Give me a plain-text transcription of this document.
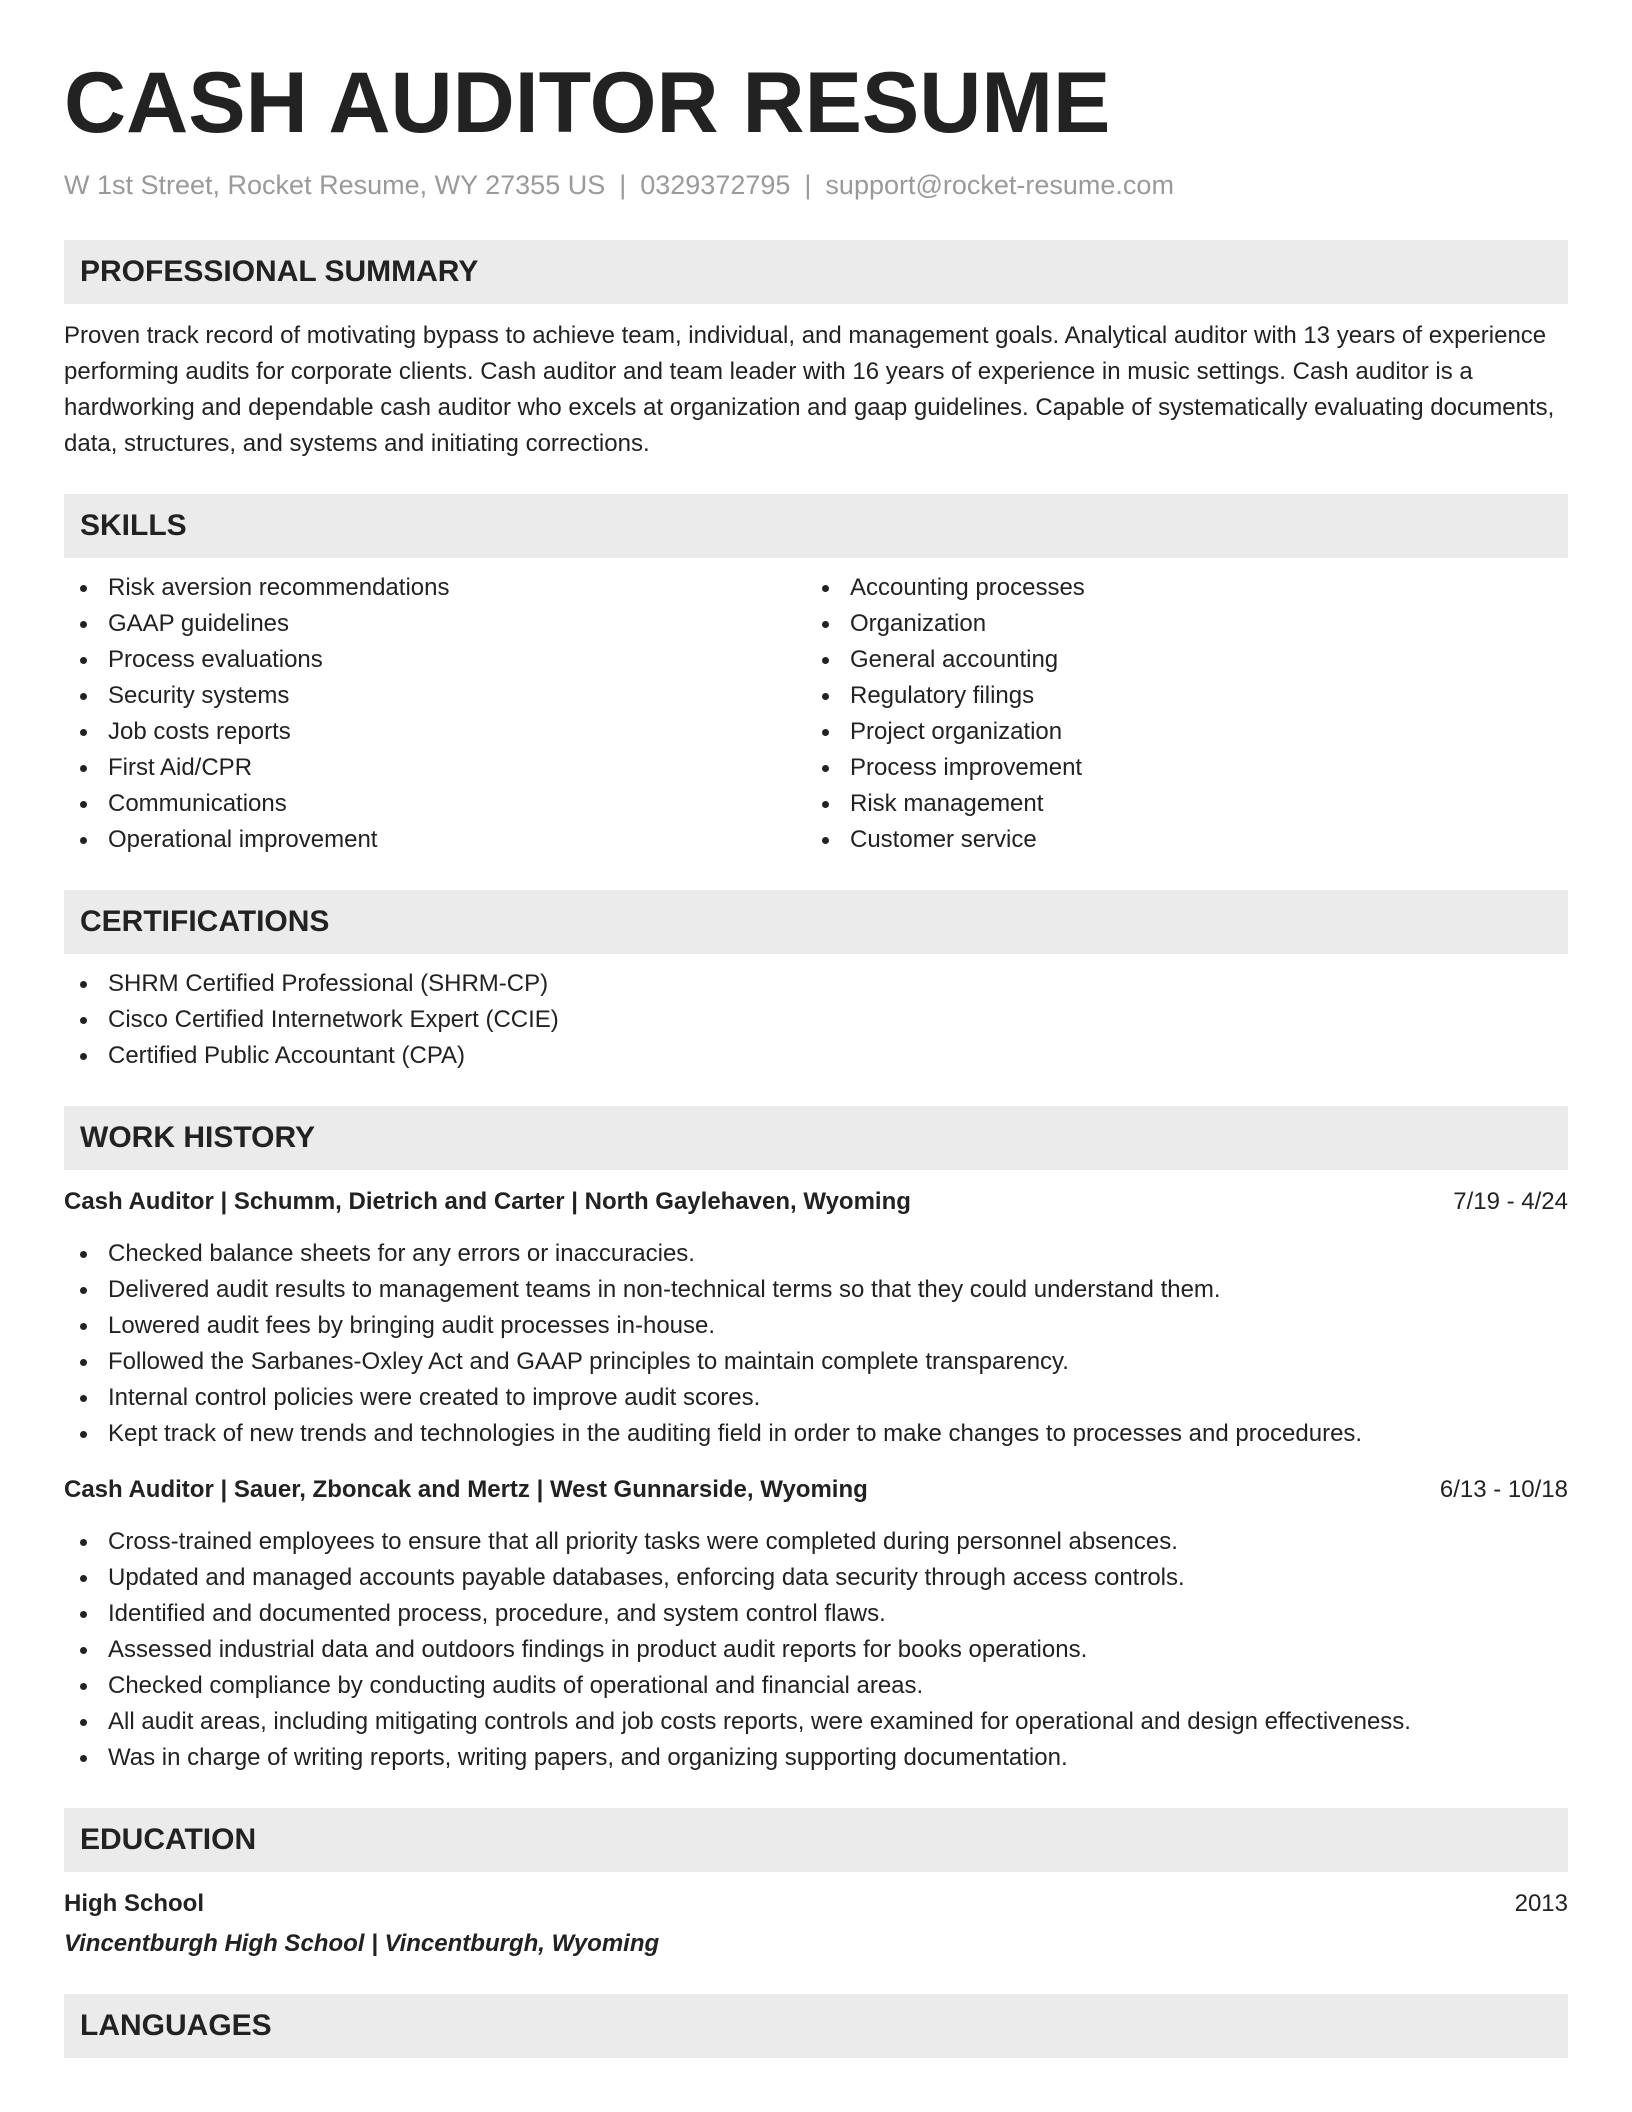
CASH AUDITOR RESUME
W 1st Street, Rocket Resume, WY 27355 US | 0329372795 | support@rocket-resume.com
PROFESSIONAL SUMMARY

Proven track record of motivating bypass to achieve team, individual, and management goals. Analytical auditor with 13 years of experience performing audits for corporate clients. Cash auditor and team leader with 16 years of experience in music settings. Cash auditor is a hardworking and dependable cash auditor who excels at organization and gaap guidelines. Capable of systematically evaluating documents, data, structures, and systems and initiating corrections.

SKILLS
Risk aversion recommendations
GAAP guidelines
Process evaluations
Security systems
Job costs reports
First Aid/CPR
Communications
Operational improvement
Accounting processes
Organization
General accounting
Regulatory filings
Project organization
Process improvement
Risk management
Customer service
CERTIFICATIONS
SHRM Certified Professional (SHRM-CP)
Cisco Certified Internetwork Expert (CCIE)
Certified Public Accountant (CPA)
WORK HISTORY
Cash Auditor | Schumm, Dietrich and Carter | North Gaylehaven, Wyoming	7/19 - 4/24
Checked balance sheets for any errors or inaccuracies.
Delivered audit results to management teams in non-technical terms so that they could understand them.
Lowered audit fees by bringing audit processes in-house.
Followed the Sarbanes-Oxley Act and GAAP principles to maintain complete transparency.
Internal control policies were created to improve audit scores.
Kept track of new trends and technologies in the auditing field in order to make changes to processes and procedures.
Cash Auditor | Sauer, Zboncak and Mertz | West Gunnarside, Wyoming	6/13 - 10/18
Cross-trained employees to ensure that all priority tasks were completed during personnel absences.
Updated and managed accounts payable databases, enforcing data security through access controls.
Identified and documented process, procedure, and system control flaws.
Assessed industrial data and outdoors findings in product audit reports for books operations.
Checked compliance by conducting audits of operational and financial areas.
All audit areas, including mitigating controls and job costs reports, were examined for operational and design effectiveness.
Was in charge of writing reports, writing papers, and organizing supporting documentation.
EDUCATION
High School	2013
Vincentburgh High School | Vincentburgh, Wyoming
LANGUAGES
